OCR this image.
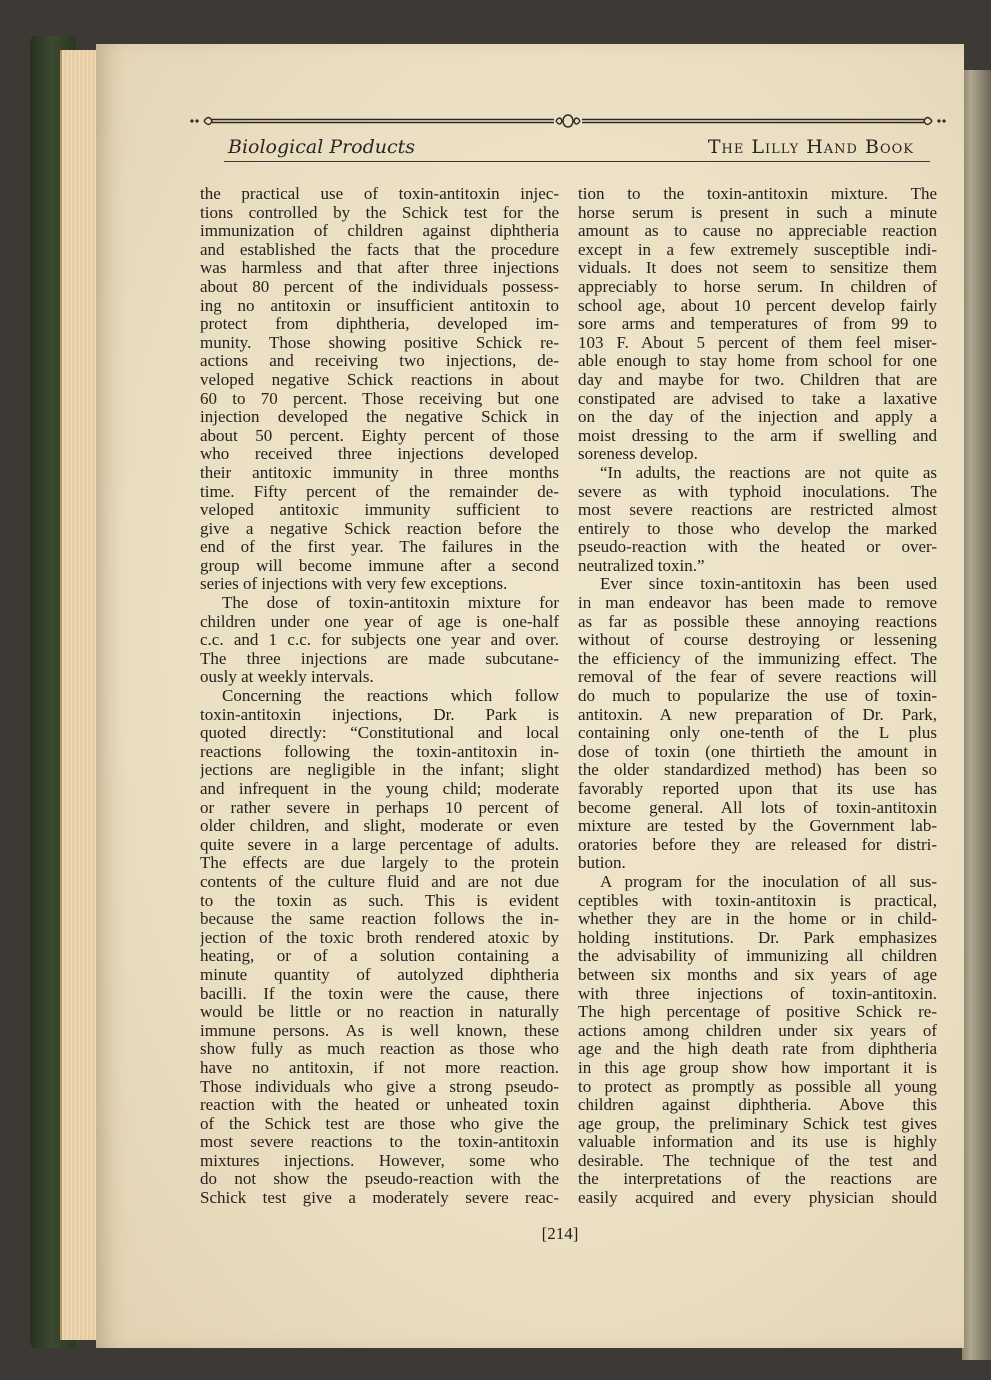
Biological Products	The Lilly Hand Book
the practical use of toxin-antitoxin injec-
tions controlled by the Schick test for the
immunization of children against diphtheria
and established the facts that the procedure
was harmless and that after three injections
about 80 percent of the individuals possess-
ing no antitoxin or insufficient antitoxin to
protect from diphtheria, developed im-
munity. Those showing positive Schick re-
actions and receiving two injections, de-
veloped negative Schick reactions in about
60 to 70 percent. Those receiving but one
injection developed the negative Schick in
about 50 percent. Eighty percent of those
who received three injections developed
their antitoxic immunity in three months
time. Fifty percent of the remainder de-
veloped antitoxic immunity sufficient to
give a negative Schick reaction before the
end of the first year. The failures in the
group will become immune after a second
series of injections with very few exceptions.
The dose of toxin-antitoxin mixture for
children under one year of age is one-half
c.c. and 1 c.c. for subjects one year and over.
The three injections are made subcutane-
ously at weekly intervals.
Concerning the reactions which follow
toxin-antitoxin injections, Dr. Park is
quoted directly: “Constitutional and local
reactions following the toxin-antitoxin in-
jections are negligible in the infant; slight
and infrequent in the young child; moderate
or rather severe in perhaps 10 percent of
older children, and slight, moderate or even
quite severe in a large percentage of adults.
The effects are due largely to the protein
contents of the culture fluid and are not due
to the toxin as such. This is evident
because the same reaction follows the in-
jection of the toxic broth rendered atoxic by
heating, or of a solution containing a
minute quantity of autolyzed diphtheria
bacilli. If the toxin were the cause, there
would be little or no reaction in naturally
immune persons. As is well known, these
show fully as much reaction as those who
have no antitoxin, if not more reaction.
Those individuals who give a strong pseudo-
reaction with the heated or unheated toxin
of the Schick test are those who give the
most severe reactions to the toxin-antitoxin
mixtures injections. However, some who
do not show the pseudo-reaction with the
Schick test give a moderately severe reac-
tion to the toxin-antitoxin mixture. The
horse serum is present in such a minute
amount as to cause no appreciable reaction
except in a few extremely susceptible indi-
viduals. It does not seem to sensitize them
appreciably to horse serum. In children of
school age, about 10 percent develop fairly
sore arms and temperatures of from 99 to
103 F. About 5 percent of them feel miser-
able enough to stay home from school for one
day and maybe for two. Children that are
constipated are advised to take a laxative
on the day of the injection and apply a
moist dressing to the arm if swelling and
soreness develop.
“In adults, the reactions are not quite as
severe as with typhoid inoculations. The
most severe reactions are restricted almost
entirely to those who develop the marked
pseudo-reaction with the heated or over-
neutralized toxin.”
Ever since toxin-antitoxin has been used
in man endeavor has been made to remove
as far as possible these annoying reactions
without of course destroying or lessening
the efficiency of the immunizing effect. The
removal of the fear of severe reactions will
do much to popularize the use of toxin-
antitoxin. A new preparation of Dr. Park,
containing only one-tenth of the L plus
dose of toxin (one thirtieth the amount in
the older standardized method) has been so
favorably reported upon that its use has
become general. All lots of toxin-antitoxin
mixture are tested by the Government lab-
oratories before they are released for distri-
bution.
A program for the inoculation of all sus-
ceptibles with toxin-antitoxin is practical,
whether they are in the home or in child-
holding institutions. Dr. Park emphasizes
the advisability of immunizing all children
between six months and six years of age
with three injections of toxin-antitoxin.
The high percentage of positive Schick re-
actions among children under six years of
age and the high death rate from diphtheria
in this age group show how important it is
to protect as promptly as possible all young
children against diphtheria. Above this
age group, the preliminary Schick test gives
valuable information and its use is highly
desirable. The technique of the test and
the interpretations of the reactions are
easily acquired and every physician should
[214]
